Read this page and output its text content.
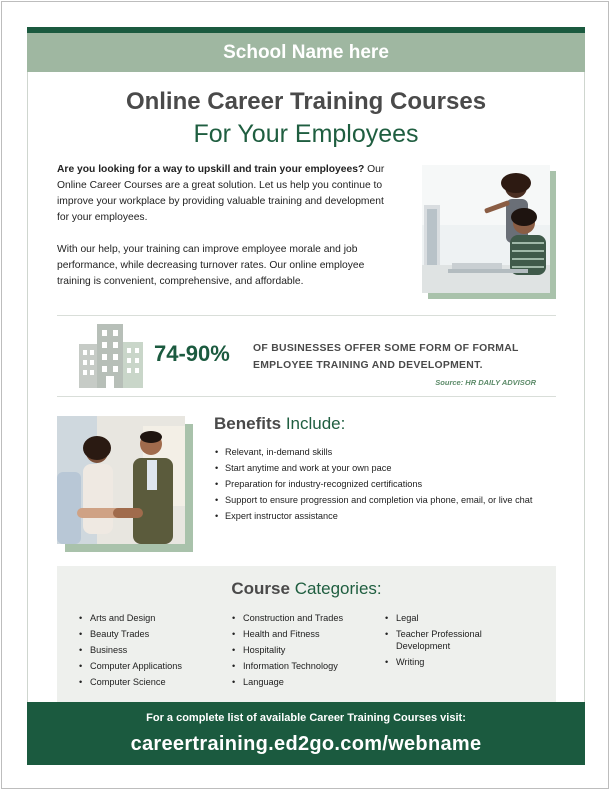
School Name here
Online Career Training Courses
For Your Employees

Are you looking for a way to upskill and train your employees? Our Online Career Courses are a great solution. Let us help you continue to improve your workplace by providing valuable training and development for your employees.

With our help, your training can improve employee morale and job performance, while decreasing turnover rates. Our online employee training is convenient, comprehensive, and affordable.

74-90% OF BUSINESSES OFFER SOME FORM OF FORMAL EMPLOYEE TRAINING AND DEVELOPMENT.
Source: HR DAILY ADVISOR
Benefits Include:
• Relevant, in-demand skills
• Start anytime and work at your own pace
• Preparation for industry-recognized certifications
• Support to ensure progression and completion via phone, email, or live chat
• Expert instructor assistance
Course Categories:
• Arts and Design
• Beauty Trades
• Business
• Computer Applications
• Computer Science
• Construction and Trades
• Health and Fitness
• Hospitality
• Information Technology
• Language
• Legal
• Teacher Professional Development
• Writing
For a complete list of available Career Training Courses visit:
careertraining.ed2go.com/webname
